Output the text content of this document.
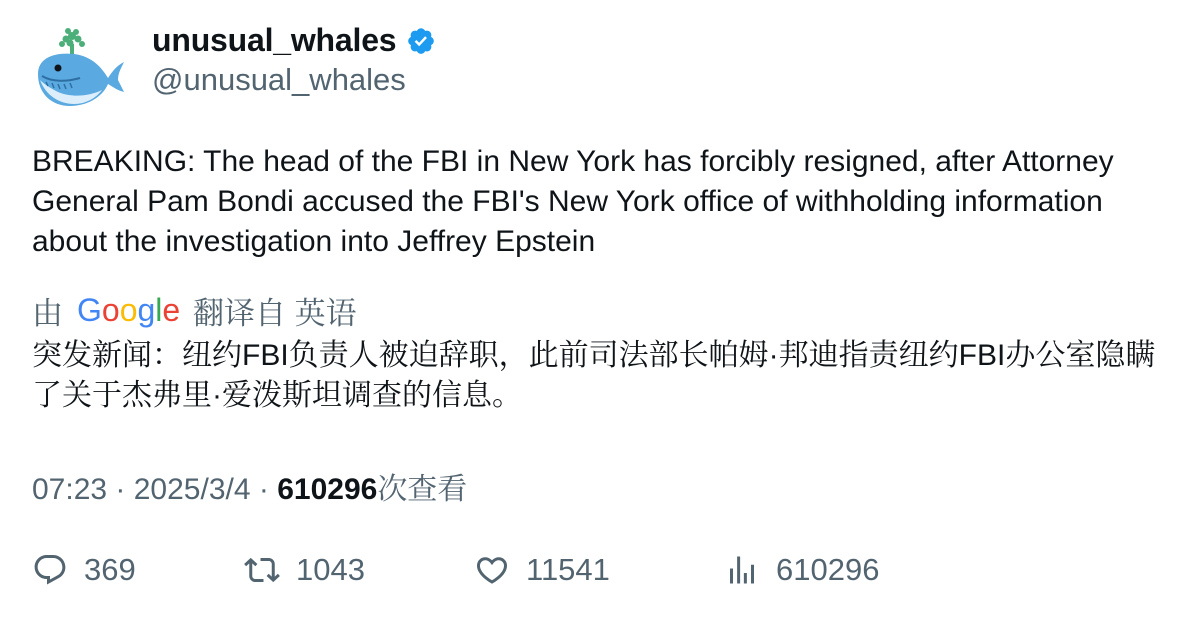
unusual_whales
@unusual_whales

BREAKING: The head of the FBI in New York has forcibly resigned, after Attorney General Pam Bondi accused the FBI's New York office of withholding information about the investigation into Jeffrey Epstein

由 Google 翻译自 英语

突发新闻：纽约FBI负责人被迫辞职，此前司法部长帕姆·邦迪指责纽约FBI办公室隐瞒了关于杰弗里·爱泼斯坦调查的信息。

07:23 · 2025/3/4 · 610296次查看
369	1043	11541	610296
